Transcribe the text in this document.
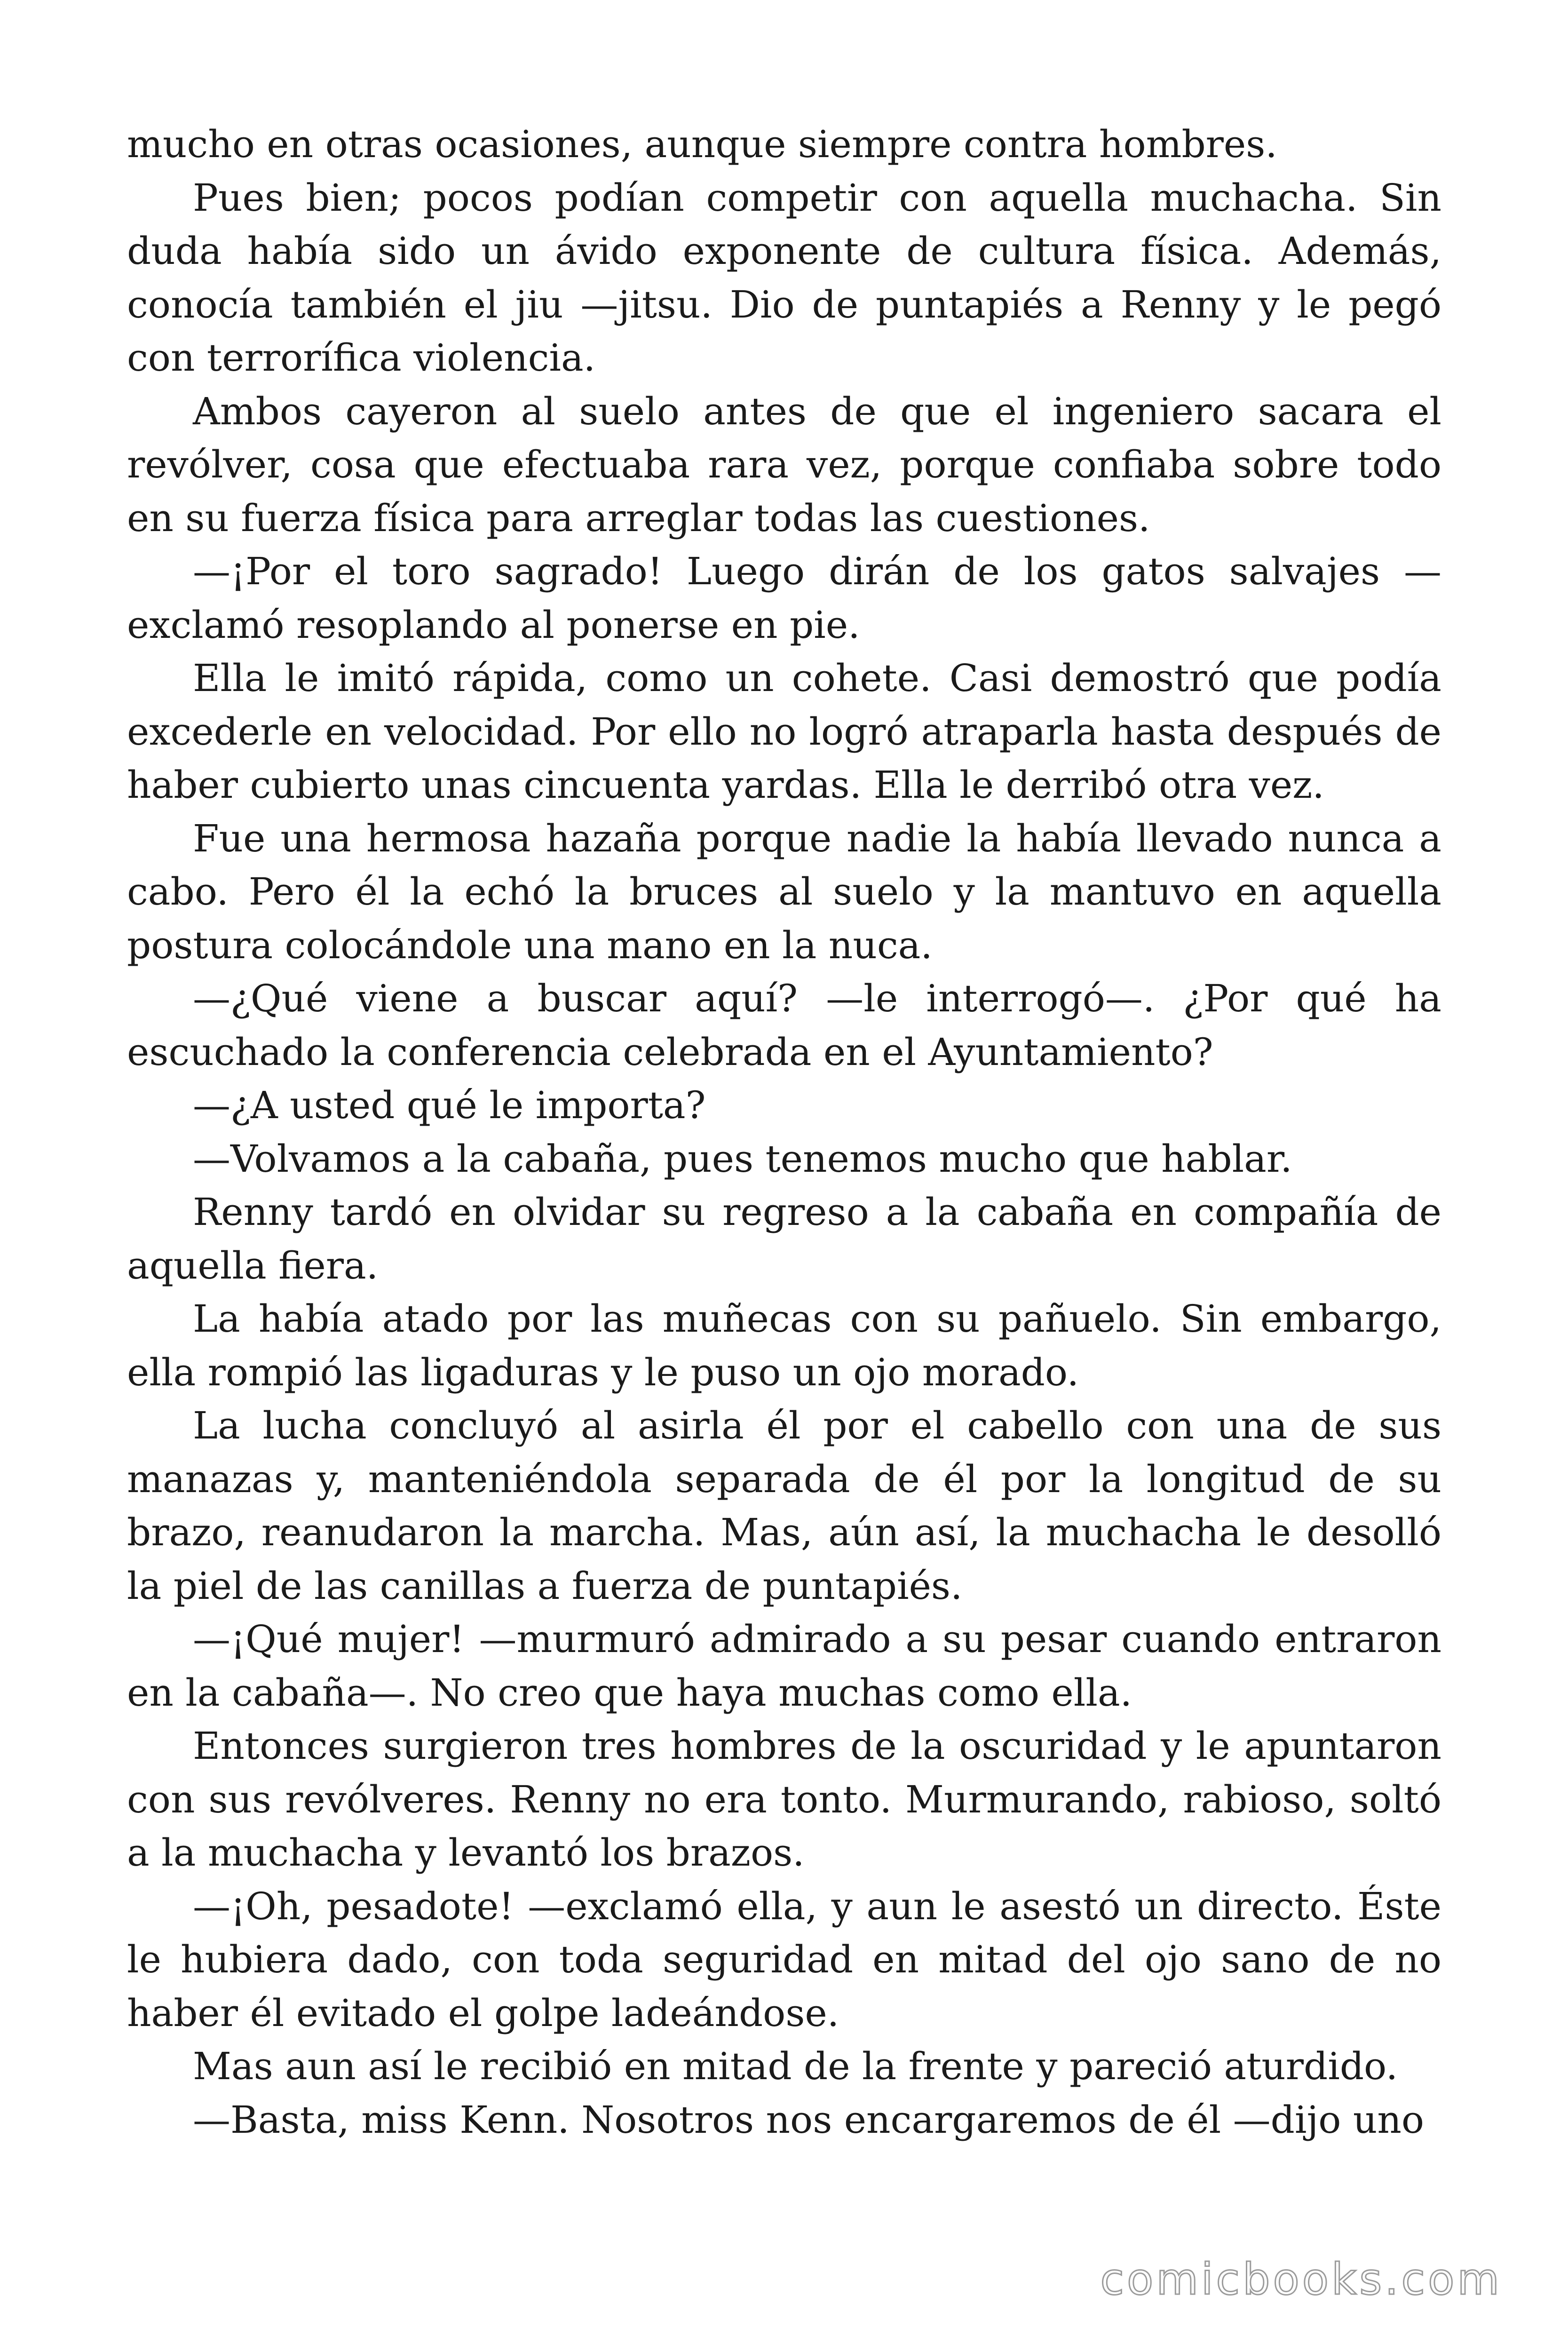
mucho en otras ocasiones, aunque siempre contra hombres.

Pues bien; pocos podían competir con aquella muchacha. Sin duda había sido un ávido exponente de cultura física. Además, conocía también el jiu —jitsu. Dio de puntapiés a Renny y le pegó con terrorífica violencia.

Ambos cayeron al suelo antes de que el ingeniero sacara el revólver, cosa que efectuaba rara vez, porque confiaba sobre todo en su fuerza física para arreglar todas las cuestiones.

—¡Por el toro sagrado! Luego dirán de los gatos salvajes —exclamó resoplando al ponerse en pie.

Ella le imitó rápida, como un cohete. Casi demostró que podía excederle en velocidad. Por ello no logró atraparla hasta después de haber cubierto unas cincuenta yardas. Ella le derribó otra vez.

Fue una hermosa hazaña porque nadie la había llevado nunca a cabo. Pero él la echó la bruces al suelo y la mantuvo en aquella postura colocándole una mano en la nuca.

—¿Qué viene a buscar aquí? —le interrogó—. ¿Por qué ha escuchado la conferencia celebrada en el Ayuntamiento?

—¿A usted qué le importa?

—Volvamos a la cabaña, pues tenemos mucho que hablar.

Renny tardó en olvidar su regreso a la cabaña en compañía de aquella fiera.

La había atado por las muñecas con su pañuelo. Sin embargo, ella rompió las ligaduras y le puso un ojo morado.

La lucha concluyó al asirla él por el cabello con una de sus manazas y, manteniéndola separada de él por la longitud de su brazo, reanudaron la marcha. Mas, aún así, la muchacha le desolló la piel de las canillas a fuerza de puntapiés.

—¡Qué mujer! —murmuró admirado a su pesar cuando entraron en la cabaña—. No creo que haya muchas como ella.

Entonces surgieron tres hombres de la oscuridad y le apuntaron con sus revólveres. Renny no era tonto. Murmurando, rabioso, soltó a la muchacha y levantó los brazos.

—¡Oh, pesadote! —exclamó ella, y aun le asestó un directo. Éste le hubiera dado, con toda seguridad en mitad del ojo sano de no haber él evitado el golpe ladeándose.

Mas aun así le recibió en mitad de la frente y pareció aturdido.

—Basta, miss Kenn. Nosotros nos encargaremos de él —dijo uno

comicbooks.com
